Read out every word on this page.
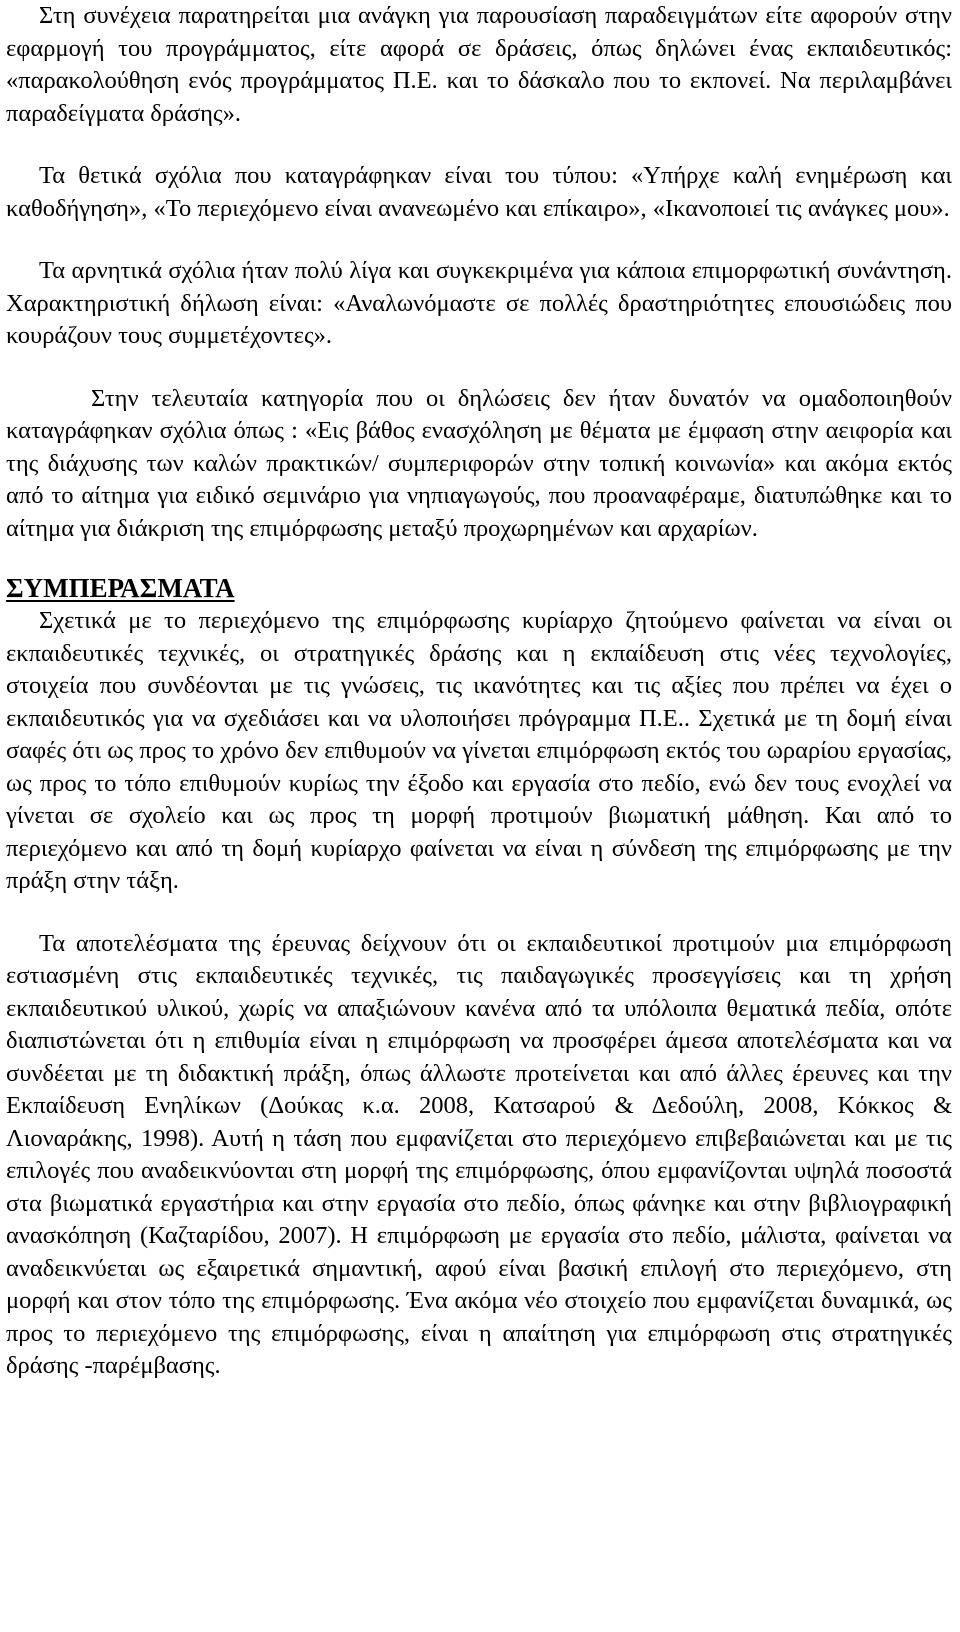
Στη συνέχεια παρατηρείται μια ανάγκη για παρουσίαση παραδειγμάτων είτε αφορούν στην εφαρμογή του προγράμματος, είτε αφορά σε δράσεις, όπως δηλώνει ένας εκπαιδευτικός: «παρακολούθηση ενός προγράμματος Π.Ε. και το δάσκαλο που το εκπονεί. Να περιλαμβάνει παραδείγματα δράσης».

Τα θετικά σχόλια που καταγράφηκαν είναι του τύπου: «Υπήρχε καλή ενημέρωση και καθοδήγηση», «Το περιεχόμενο είναι ανανεωμένο και επίκαιρο», «Ικανοποιεί τις ανάγκες μου».

Τα αρνητικά σχόλια ήταν πολύ λίγα και συγκεκριμένα για κάποια επιμορφωτική συνάντηση. Χαρακτηριστική δήλωση είναι: «Αναλωνόμαστε σε πολλές δραστηριότητες επουσιώδεις που κουράζουν τους συμμετέχοντες».

Στην τελευταία κατηγορία που οι δηλώσεις δεν ήταν δυνατόν να ομαδοποιηθούν καταγράφηκαν σχόλια όπως : «Εις βάθος ενασχόληση με θέματα με έμφαση στην αειφορία και της διάχυσης των καλών πρακτικών/ συμπεριφορών στην τοπική κοινωνία» και ακόμα εκτός από το αίτημα για ειδικό σεμινάριο για νηπιαγωγούς, που προαναφέραμε, διατυπώθηκε και το αίτημα για διάκριση της επιμόρφωσης μεταξύ προχωρημένων και αρχαρίων.

ΣΥΜΠΕΡΑΣΜΑΤΑ

Σχετικά με το περιεχόμενο της επιμόρφωσης κυρίαρχο ζητούμενο φαίνεται να είναι οι εκπαιδευτικές τεχνικές, οι στρατηγικές δράσης και η εκπαίδευση στις νέες τεχνολογίες, στοιχεία που συνδέονται με τις γνώσεις, τις ικανότητες και τις αξίες που πρέπει να έχει ο εκπαιδευτικός για να σχεδιάσει και να υλοποιήσει πρόγραμμα Π.Ε.. Σχετικά με τη δομή είναι σαφές ότι ως προς το χρόνο δεν επιθυμούν να γίνεται επιμόρφωση εκτός του ωραρίου εργασίας, ως προς το τόπο επιθυμούν κυρίως την έξοδο και εργασία στο πεδίο, ενώ δεν τους ενοχλεί να γίνεται σε σχολείο και ως προς τη μορφή προτιμούν βιωματική μάθηση. Και από το περιεχόμενο και από τη δομή κυρίαρχο φαίνεται να είναι η σύνδεση της επιμόρφωσης με την πράξη στην τάξη.

Τα αποτελέσματα της έρευνας δείχνουν ότι οι εκπαιδευτικοί προτιμούν μια επιμόρφωση εστιασμένη στις εκπαιδευτικές τεχνικές, τις παιδαγωγικές προσεγγίσεις και τη χρήση εκπαιδευτικού υλικού, χωρίς να απαξιώνουν κανένα από τα υπόλοιπα θεματικά πεδία, οπότε διαπιστώνεται ότι η επιθυμία είναι η επιμόρφωση να προσφέρει άμεσα αποτελέσματα και να συνδέεται με τη διδακτική πράξη, όπως άλλωστε προτείνεται και από άλλες έρευνες και την Εκπαίδευση Ενηλίκων (Δούκας κ.α. 2008, Κατσαρού & Δεδούλη, 2008, Κόκκος & Λιοναράκης, 1998). Αυτή η τάση που εμφανίζεται στο περιεχόμενο επιβεβαιώνεται και με τις επιλογές που αναδεικνύονται στη μορφή της επιμόρφωσης, όπου εμφανίζονται υψηλά ποσοστά στα βιωματικά εργαστήρια και στην εργασία στο πεδίο, όπως φάνηκε και στην βιβλιογραφική ανασκόπηση (Καζταρίδου, 2007). Η επιμόρφωση με εργασία στο πεδίο, μάλιστα, φαίνεται να αναδεικνύεται ως εξαιρετικά σημαντική, αφού είναι βασική επιλογή στο περιεχόμενο, στη μορφή και στον τόπο της επιμόρφωσης. Ένα ακόμα νέο στοιχείο που εμφανίζεται δυναμικά, ως προς το περιεχόμενο της επιμόρφωσης, είναι η απαίτηση για επιμόρφωση στις στρατηγικές δράσης -παρέμβασης.
